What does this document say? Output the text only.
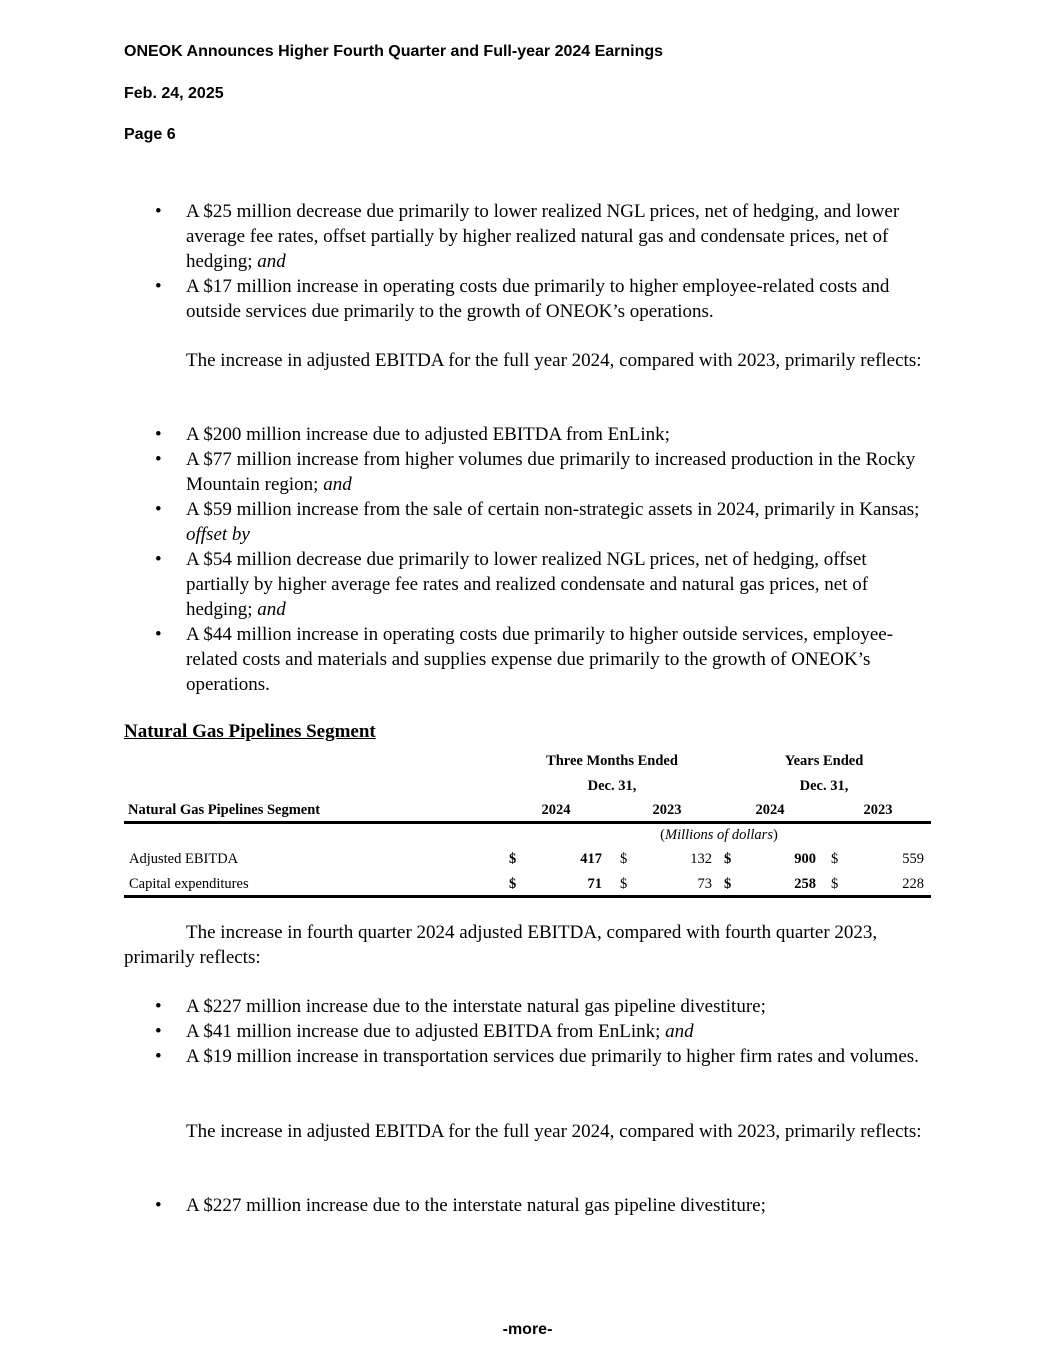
ONEOK Announces Higher Fourth Quarter and Full-year 2024 Earnings
Feb. 24, 2025
Page 6
• A $25 million decrease due primarily to lower realized NGL prices, net of hedging, and lower average fee rates, offset partially by higher realized natural gas and condensate prices, net of hedging; and
• A $17 million increase in operating costs due primarily to higher employee-related costs and outside services due primarily to the growth of ONEOK’s operations.

The increase in adjusted EBITDA for the full year 2024, compared with 2023, primarily reflects:

• A $200 million increase due to adjusted EBITDA from EnLink;
• A $77 million increase from higher volumes due primarily to increased production in the Rocky Mountain region; and
• A $59 million increase from the sale of certain non-strategic assets in 2024, primarily in Kansas; offset by
• A $54 million decrease due primarily to lower realized NGL prices, net of hedging, offset partially by higher average fee rates and realized condensate and natural gas prices, net of hedging; and
• A $44 million increase in operating costs due primarily to higher outside services, employee-related costs and materials and supplies expense due primarily to the growth of ONEOK’s operations.
Natural Gas Pipelines Segment
Three Months Ended
Dec. 31,
Years Ended
Dec. 31,
Natural Gas Pipelines Segment	2024	2023	2024	2023
(Millions of dollars)
Adjusted EBITDA	$	417 $	132 $	900 $	559
Capital expenditures	$	71 $	73 $	258 $	228

The increase in fourth quarter 2024 adjusted EBITDA, compared with fourth quarter 2023, primarily reflects:

• A $227 million increase due to the interstate natural gas pipeline divestiture;
• A $41 million increase due to adjusted EBITDA from EnLink; and
• A $19 million increase in transportation services due primarily to higher firm rates and volumes.

The increase in adjusted EBITDA for the full year 2024, compared with 2023, primarily reflects:

• A $227 million increase due to the interstate natural gas pipeline divestiture;
-more-
